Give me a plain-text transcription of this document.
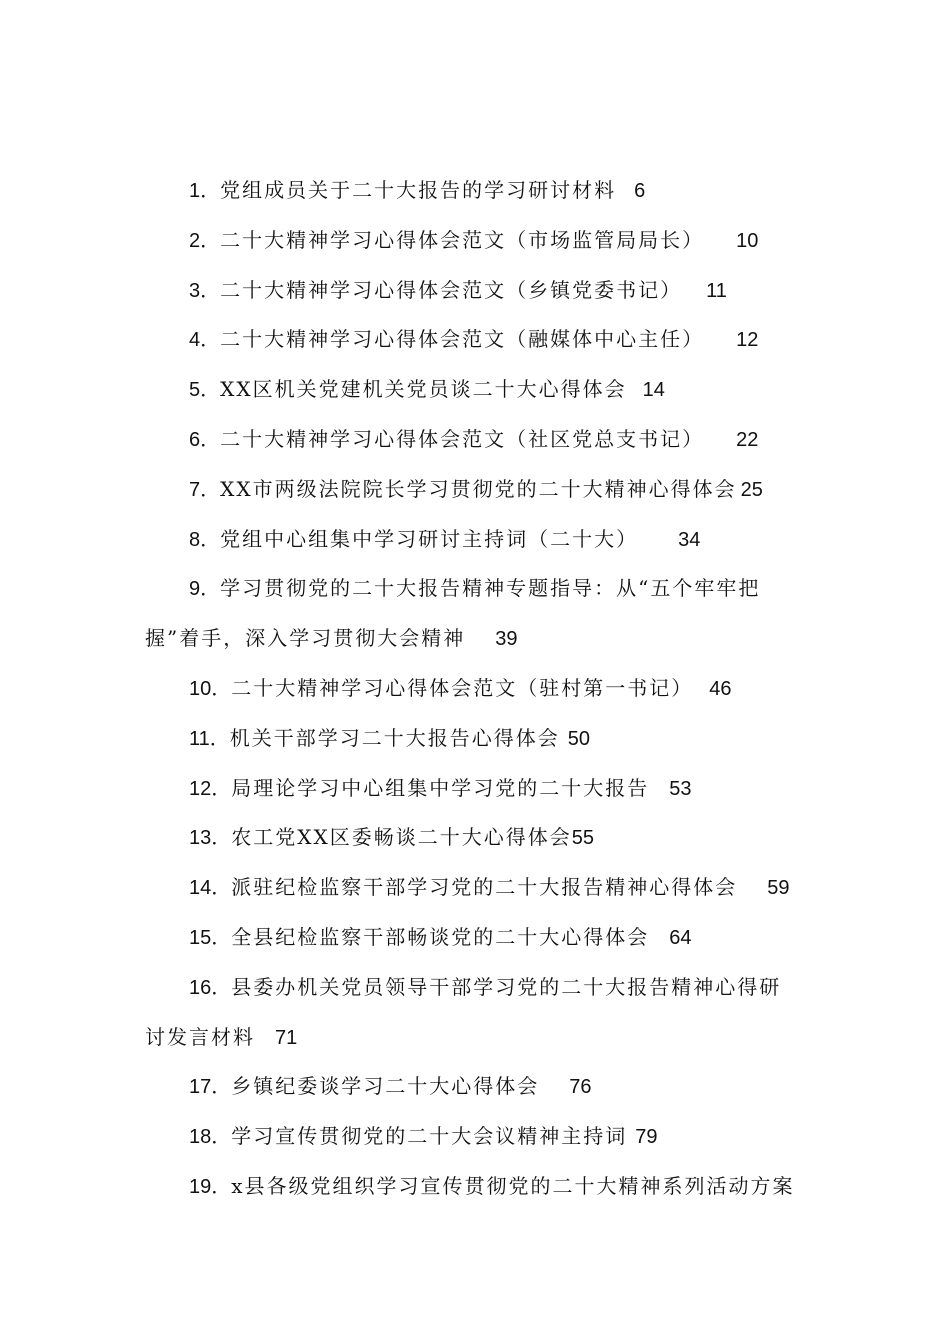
1．党组成员关于二十大报告的学习研讨材料 6
2．二十大精神学习心得体会范文（市场监管局局长） 10
3．二十大精神学习心得体会范文（乡镇党委书记） 11
4．二十大精神学习心得体会范文（融媒体中心主任） 12
5．XX区机关党建机关党员谈二十大心得体会 14
6．二十大精神学习心得体会范文（社区党总支书记） 22
7．XX市两级法院院长学习贯彻党的二十大精神心得体会 25
8．党组中心组集中学习研讨主持词（二十大） 34
9．学习贯彻党的二十大报告精神专题指导：从“五个牢牢把
握”着手，深入学习贯彻大会精神 39
10．二十大精神学习心得体会范文（驻村第一书记） 46
11．机关干部学习二十大报告心得体会 50
12．局理论学习中心组集中学习党的二十大报告 53
13．农工党XX区委畅谈二十大心得体会55
14．派驻纪检监察干部学习党的二十大报告精神心得体会 59
15．全县纪检监察干部畅谈党的二十大心得体会 64
16．县委办机关党员领导干部学习党的二十大报告精神心得研
讨发言材料 71
17．乡镇纪委谈学习二十大心得体会 76
18．学习宣传贯彻党的二十大会议精神主持词 79
19．x县各级党组织学习宣传贯彻党的二十大精神系列活动方案
